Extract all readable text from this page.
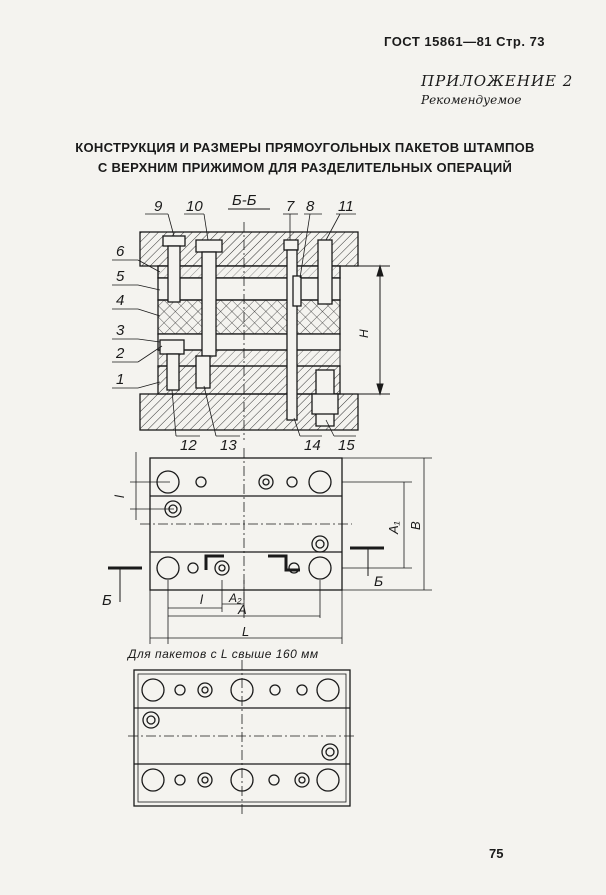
ГОСТ 15861—81 Стр. 73
ПРИЛОЖЕНИЕ 2
Рекомендуемое
КОНСТРУКЦИЯ И РАЗМЕРЫ ПРЯМОУГОЛЬНЫХ ПАКЕТОВ ШТАМПОВ
С ВЕРХНИМ ПРИЖИМОМ ДЛЯ РАЗДЕЛИТЕЛЬНЫХ ОПЕРАЦИЙ
Н
Б-Б
9 10	7 8 11
6
5
4
3
2
1
12 13	14 15
Б
Б
l
l A₂
A
L
A₁ B
Для пакетов с L свыше 160 мм
75
